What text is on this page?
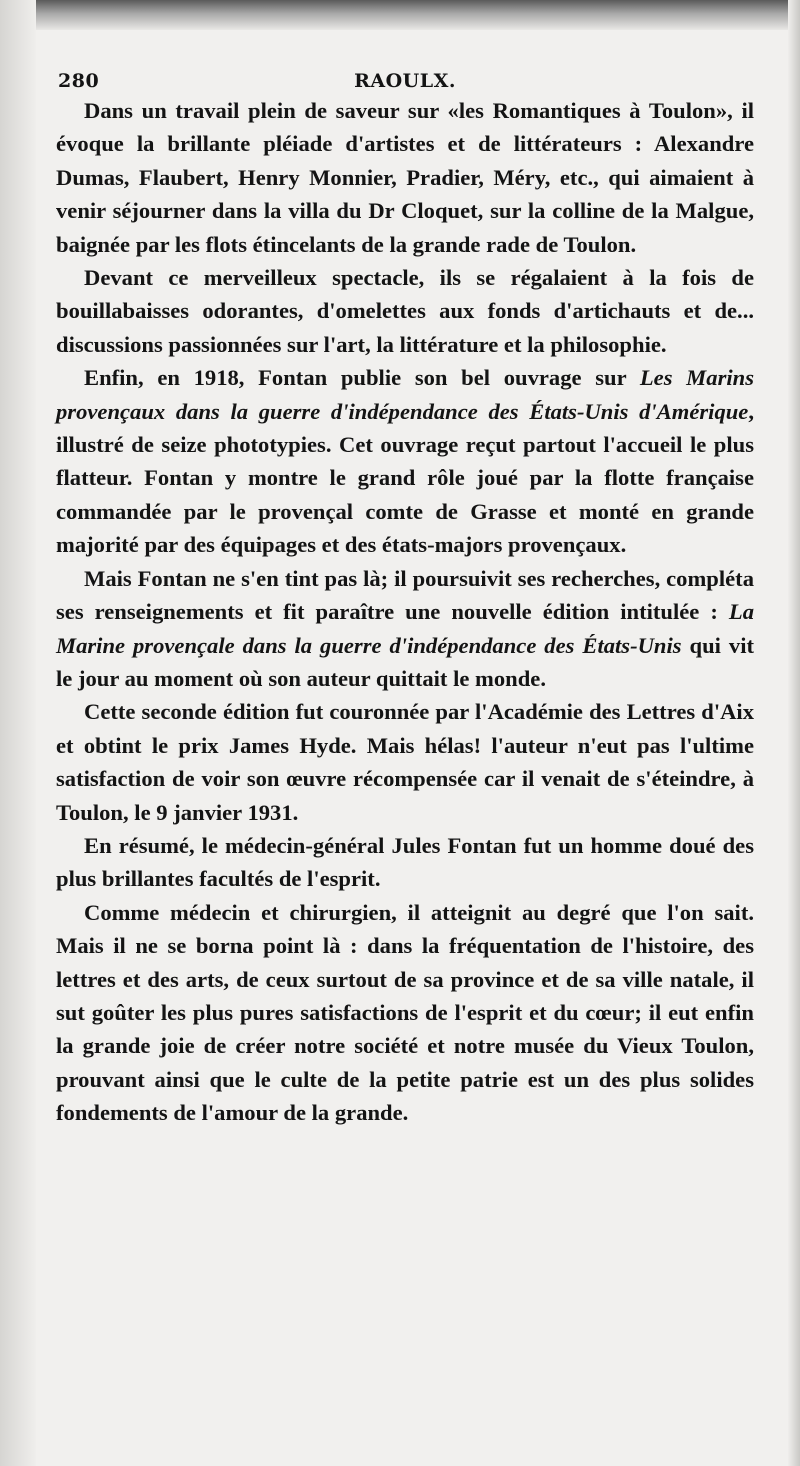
280	RAOULX.

Dans un travail plein de saveur sur «les Romantiques à Toulon», il évoque la brillante pléiade d'artistes et de littérateurs : Alexandre Dumas, Flaubert, Henry Monnier, Pradier, Méry, etc., qui aimaient à venir séjourner dans la villa du Dr Cloquet, sur la colline de la Malgue, baignée par les flots étincelants de la grande rade de Toulon.

Devant ce merveilleux spectacle, ils se régalaient à la fois de bouillabaisses odorantes, d'omelettes aux fonds d'artichauts et de... discussions passionnées sur l'art, la littérature et la philosophie.

Enfin, en 1918, Fontan publie son bel ouvrage sur Les Marins provençaux dans la guerre d'indépendance des États-Unis d'Amérique, illustré de seize phototypies. Cet ouvrage reçut partout l'accueil le plus flatteur. Fontan y montre le grand rôle joué par la flotte française commandée par le provençal comte de Grasse et monté en grande majorité par des équipages et des états-majors provençaux.

Mais Fontan ne s'en tint pas là; il poursuivit ses recherches, compléta ses renseignements et fit paraître une nouvelle édition intitulée : La Marine provençale dans la guerre d'indépendance des États-Unis qui vit le jour au moment où son auteur quittait le monde.

Cette seconde édition fut couronnée par l'Académie des Lettres d'Aix et obtint le prix James Hyde. Mais hélas! l'auteur n'eut pas l'ultime satisfaction de voir son œuvre récompensée car il venait de s'éteindre, à Toulon, le 9 janvier 1931.

En résumé, le médecin-général Jules Fontan fut un homme doué des plus brillantes facultés de l'esprit.

Comme médecin et chirurgien, il atteignit au degré que l'on sait. Mais il ne se borna point là : dans la fréquentation de l'histoire, des lettres et des arts, de ceux surtout de sa province et de sa ville natale, il sut goûter les plus pures satisfactions de l'esprit et du cœur; il eut enfin la grande joie de créer notre société et notre musée du Vieux Toulon, prouvant ainsi que le culte de la petite patrie est un des plus solides fondements de l'amour de la grande.
